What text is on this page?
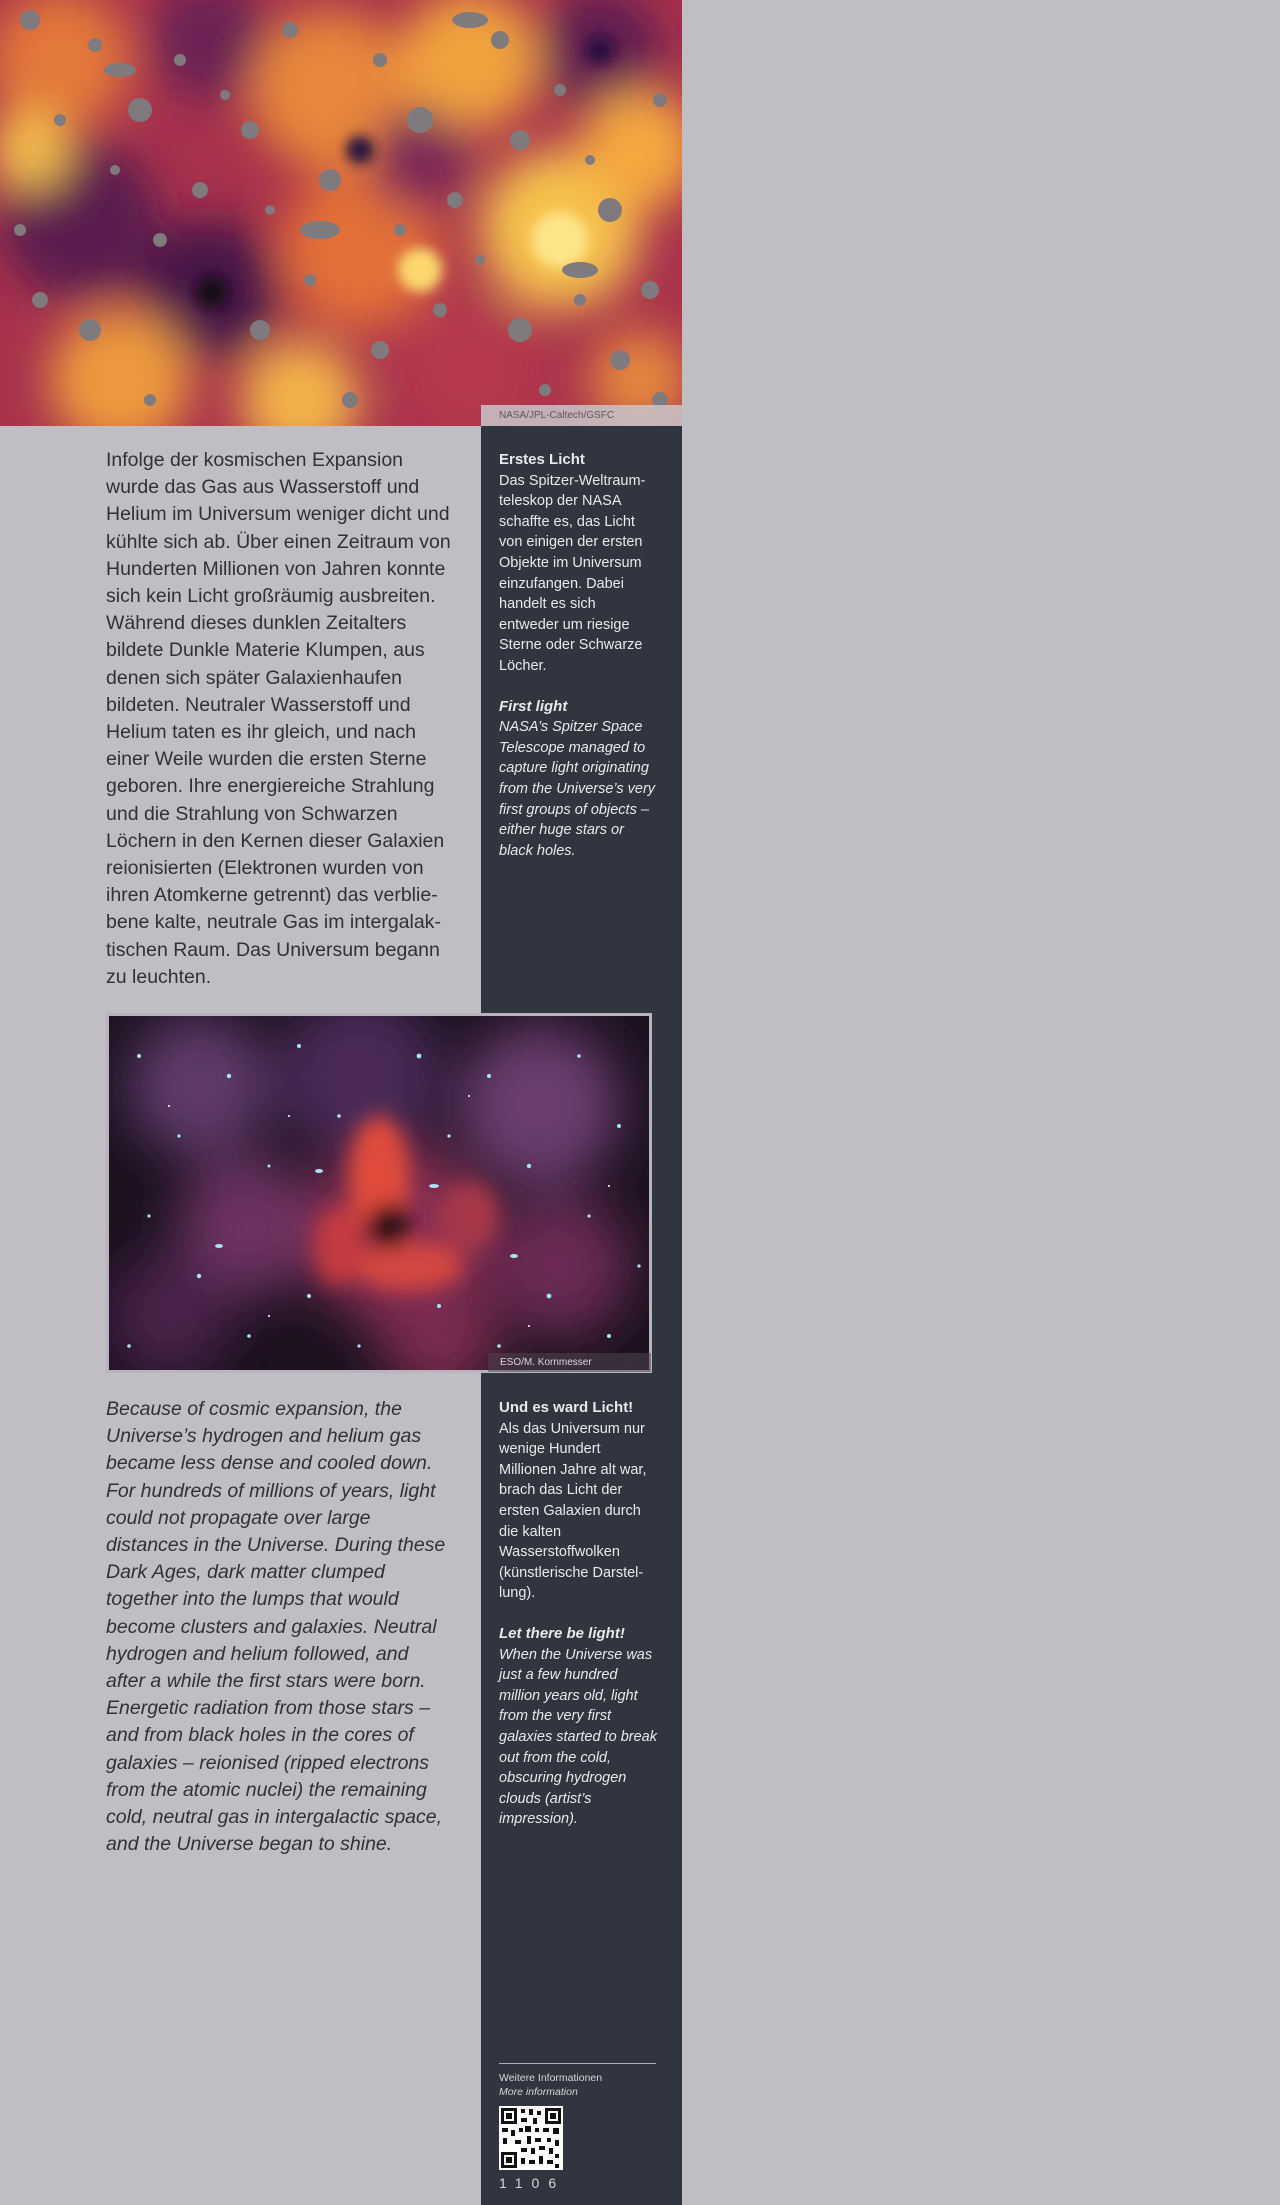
NASA/JPL-Caltech/GSFC
Erstes Licht
Das Spitzer-Weltraumteleskop der NASA schaffte es, das Licht von einigen der ersten Objekte im Universum einzufangen. Dabei handelt es sich entweder um riesige Sterne oder Schwarze Löcher.
First light
NASA’s Spitzer Space Telescope managed to capture light originating from the Universe’s very first groups of objects – either huge stars or black holes.
Und es ward Licht!
Als das Universum nur wenige Hundert Millionen Jahre alt war, brach das Licht der ersten Galaxien durch die kalten Wasserstoffwolken (künstlerische Darstellung).
Let there be light!
When the Universe was just a few hundred million years old, light from the very first galaxies started to break out from the cold, obscuring hydrogen clouds (artist’s impression).
Weitere Informationen
More information
1106
Infolge der kosmischen Expansion wurde das Gas aus Wasserstoff und Helium im Universum weniger dicht und kühlte sich ab. Über einen Zeitraum von Hunderten Millionen von Jahren konnte sich kein Licht großräumig ausbreiten. Während dieses dunklen Zeitalters bildete Dunkle Materie Klumpen, aus denen sich später Galaxienhaufen bildeten. Neutraler Wasserstoff und Helium taten es ihr gleich, und nach einer Weile wurden die ersten Sterne geboren. Ihre energiereiche Strahlung und die Strahlung von Schwarzen Löchern in den Kernen dieser Galaxien reionisierten (Elektronen wurden von ihren Atomkerne getrennt) das verbliebene kalte, neutrale Gas im intergalaktischen Raum. Das Universum begann zu leuchten.
ESO/M. Kornmesser
Because of cosmic expansion, the Universe’s hydrogen and helium gas became less dense and cooled down. For hundreds of millions of years, light could not propagate over large distances in the Universe. During these Dark Ages, dark matter clumped together into the lumps that would become clusters and galaxies. Neutral hydrogen and helium followed, and after a while the first stars were born. Energetic radiation from those stars – and from black holes in the cores of galaxies – reionised (ripped electrons from the atomic nuclei) the remaining cold, neutral gas in intergalactic space, and the Universe began to shine.
